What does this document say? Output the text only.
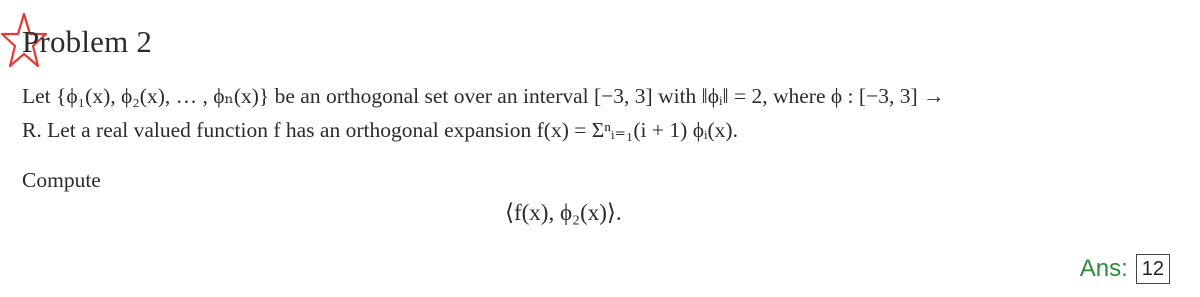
Problem 2
Let {ϕ₁(x), ϕ₂(x), … , ϕₙ(x)} be an orthogonal set over an interval [−3, 3] with ‖ϕᵢ‖ = 2, where ϕ : [−3, 3] →
R. Let a real valued function f has an orthogonal expansion f(x) = Σⁿᵢ₌₁(i + 1) ϕᵢ(x).
Compute
⟨f(x), ϕ₂(x)⟩.
Ans: 12
